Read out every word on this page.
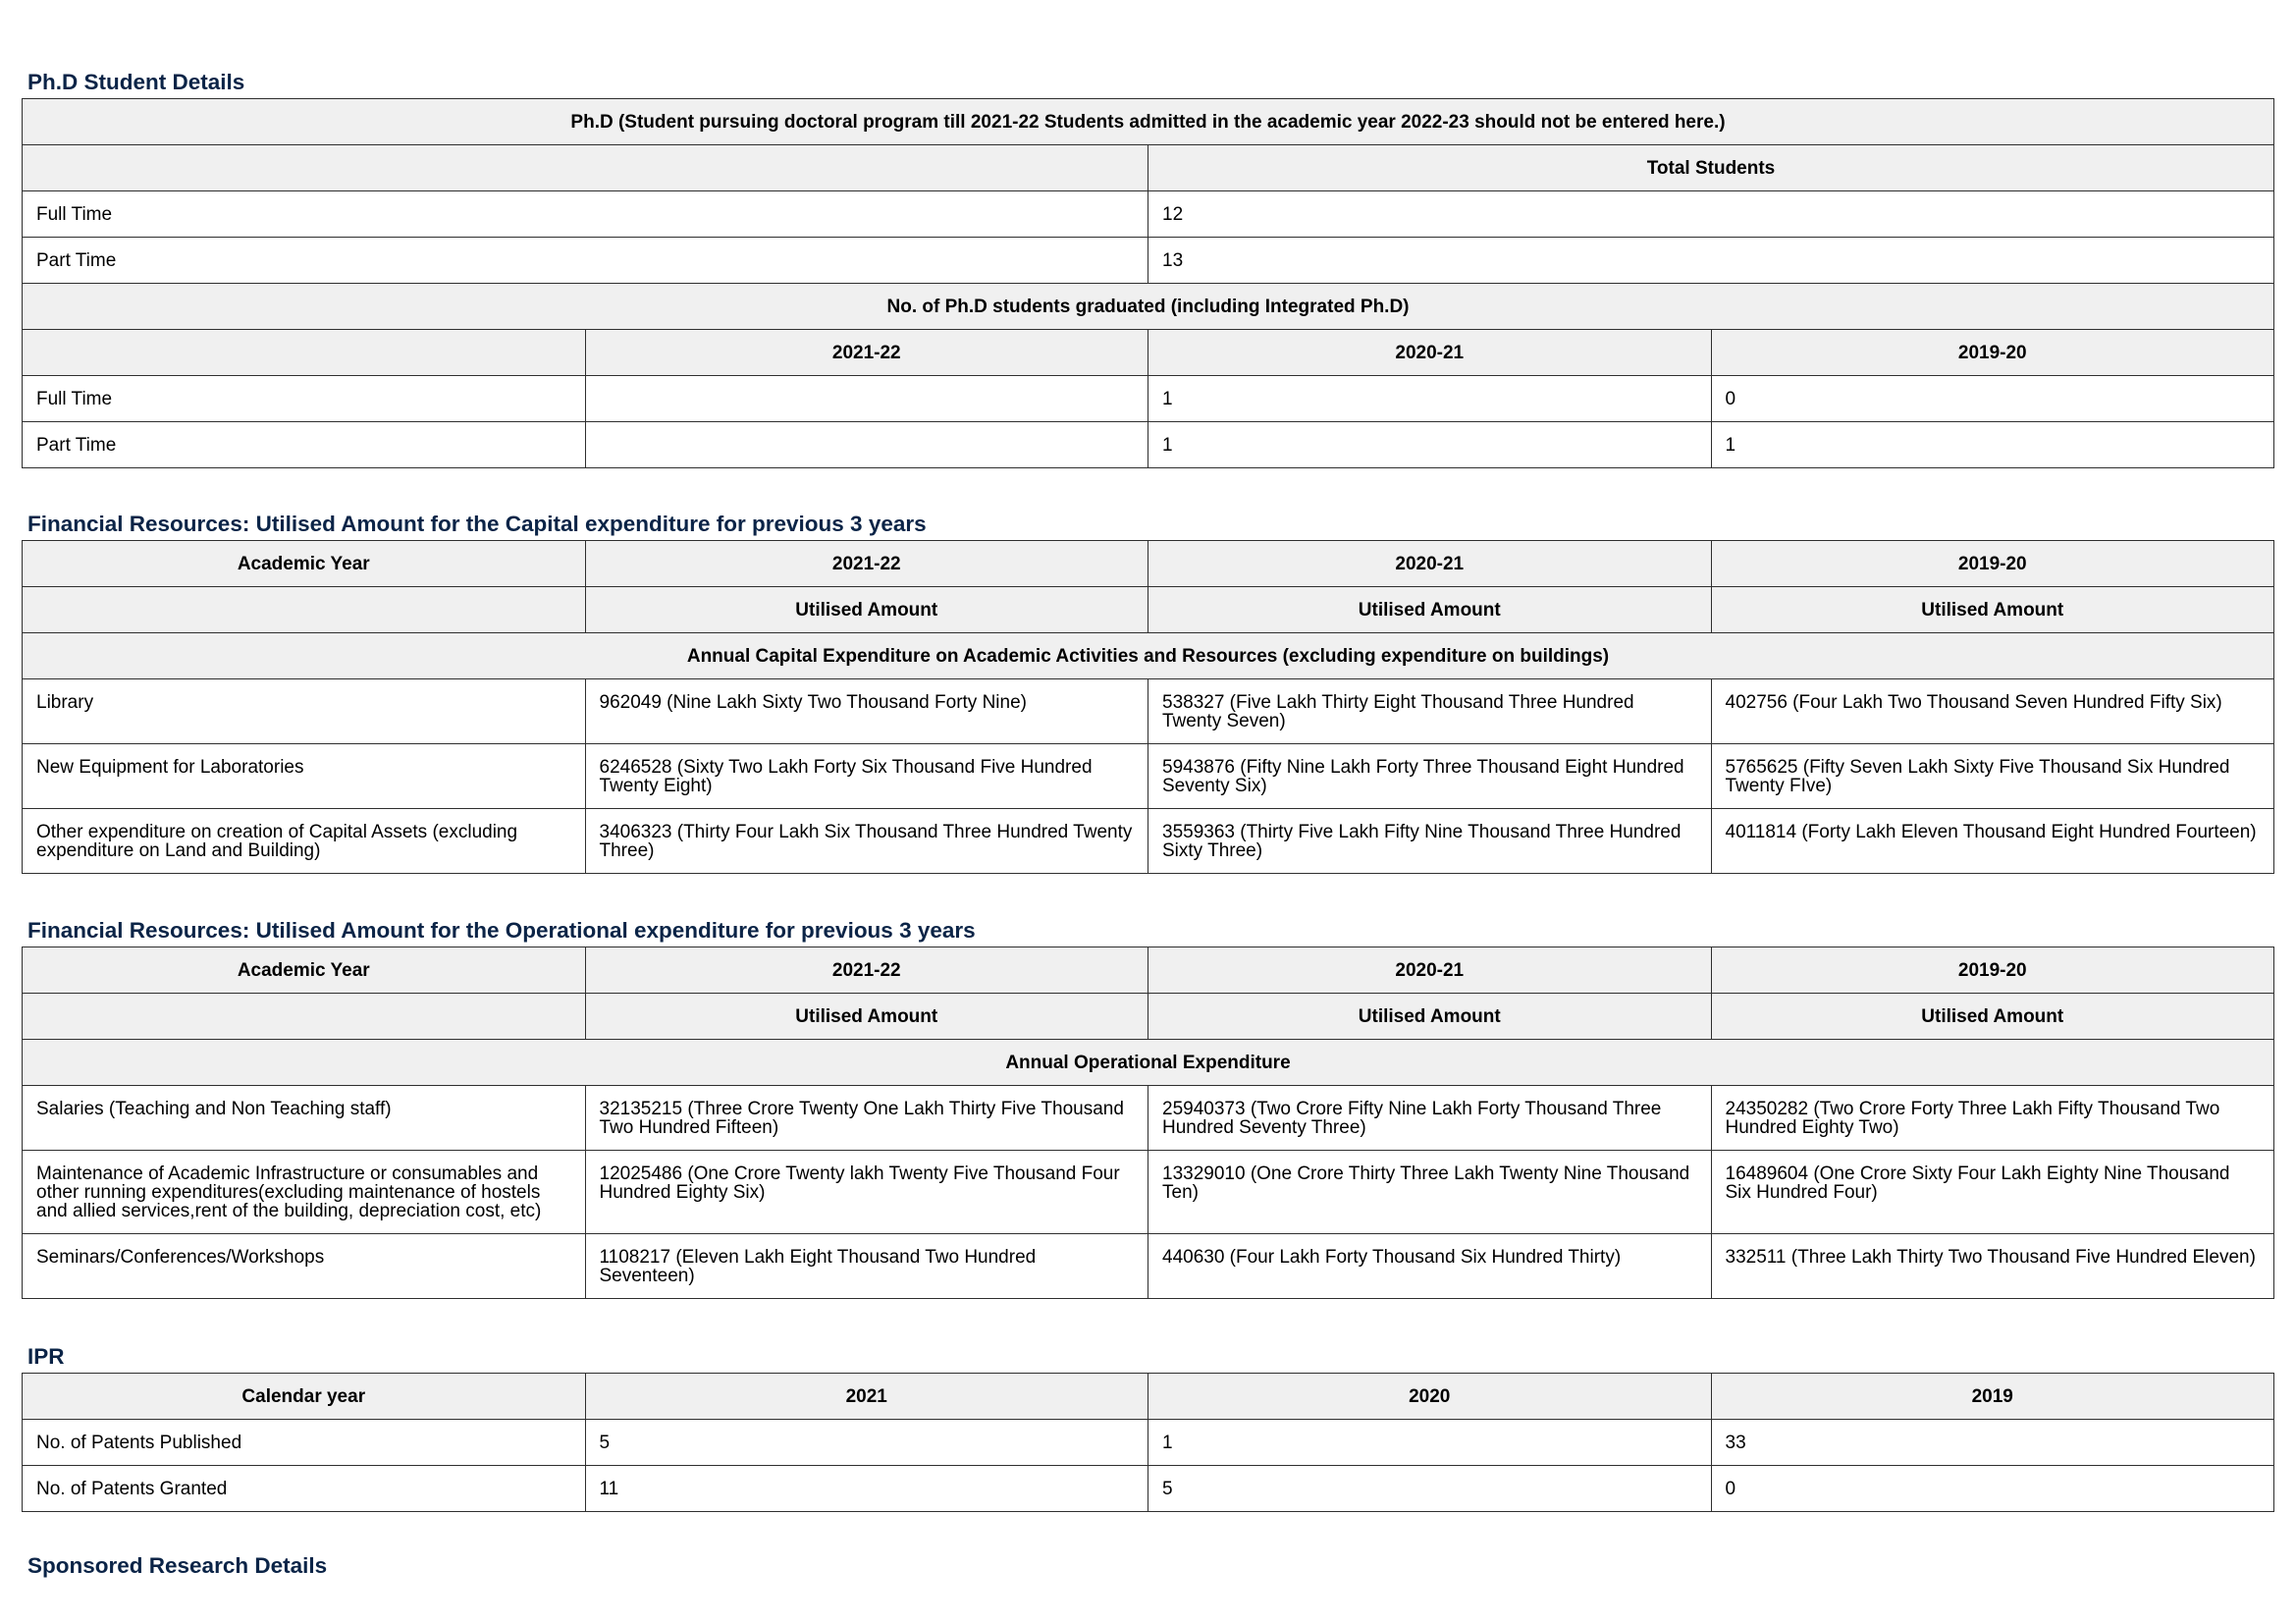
Ph.D Student Details
Ph.D (Student pursuing doctoral program till 2021-22 Students admitted in the academic year 2022-23 should not be entered here.)			
		Total Students	
Full Time		12	
Part Time		13	
No. of Ph.D students graduated (including Integrated Ph.D)			
	2021-22	2020-21	2019-20
Full Time		1	0
Part Time		1	1
Financial Resources: Utilised Amount for the Capital expenditure for previous 3 years
Academic Year	2021-22	2020-21	2019-20
	Utilised Amount	Utilised Amount	Utilised Amount
Annual Capital Expenditure on Academic Activities and Resources (excluding expenditure on buildings)			
Library	962049 (Nine Lakh Sixty Two Thousand Forty Nine)	538327 (Five Lakh Thirty Eight Thousand Three Hundred Twenty Seven)	402756 (Four Lakh Two Thousand Seven Hundred Fifty Six)
New Equipment for Laboratories	6246528 (Sixty Two Lakh Forty Six Thousand Five Hundred Twenty Eight)	5943876 (Fifty Nine Lakh Forty Three Thousand Eight Hundred Seventy Six)	5765625 (Fifty Seven Lakh Sixty Five Thousand Six Hundred Twenty FIve)
Other expenditure on creation of Capital Assets (excluding expenditure on Land and Building)	3406323 (Thirty Four Lakh Six Thousand Three Hundred Twenty Three)	3559363 (Thirty Five Lakh Fifty Nine Thousand Three Hundred Sixty Three)	4011814 (Forty Lakh Eleven Thousand Eight Hundred Fourteen)
Financial Resources: Utilised Amount for the Operational expenditure for previous 3 years
Academic Year	2021-22	2020-21	2019-20
	Utilised Amount	Utilised Amount	Utilised Amount
Annual Operational Expenditure			
Salaries (Teaching and Non Teaching staff)	32135215 (Three Crore Twenty One Lakh Thirty Five Thousand Two Hundred Fifteen)	25940373 (Two Crore Fifty Nine Lakh Forty Thousand Three Hundred Seventy Three)	24350282 (Two Crore Forty Three Lakh Fifty Thousand Two Hundred Eighty Two)
Maintenance of Academic Infrastructure or consumables and other running expenditures(excluding maintenance of hostels and allied services,rent of the building, depreciation cost, etc)	12025486 (One Crore Twenty lakh Twenty Five Thousand Four Hundred Eighty Six)	13329010 (One Crore Thirty Three Lakh Twenty Nine Thousand Ten)	16489604 (One Crore Sixty Four Lakh Eighty Nine Thousand Six Hundred Four)
Seminars/Conferences/Workshops	1108217 (Eleven Lakh Eight Thousand Two Hundred Seventeen)	440630 (Four Lakh Forty Thousand Six Hundred Thirty)	332511 (Three Lakh Thirty Two Thousand Five Hundred Eleven)
IPR
Calendar year	2021	2020	2019
No. of Patents Published	5	1	33
No. of Patents Granted	11	5	0
Sponsored Research Details
